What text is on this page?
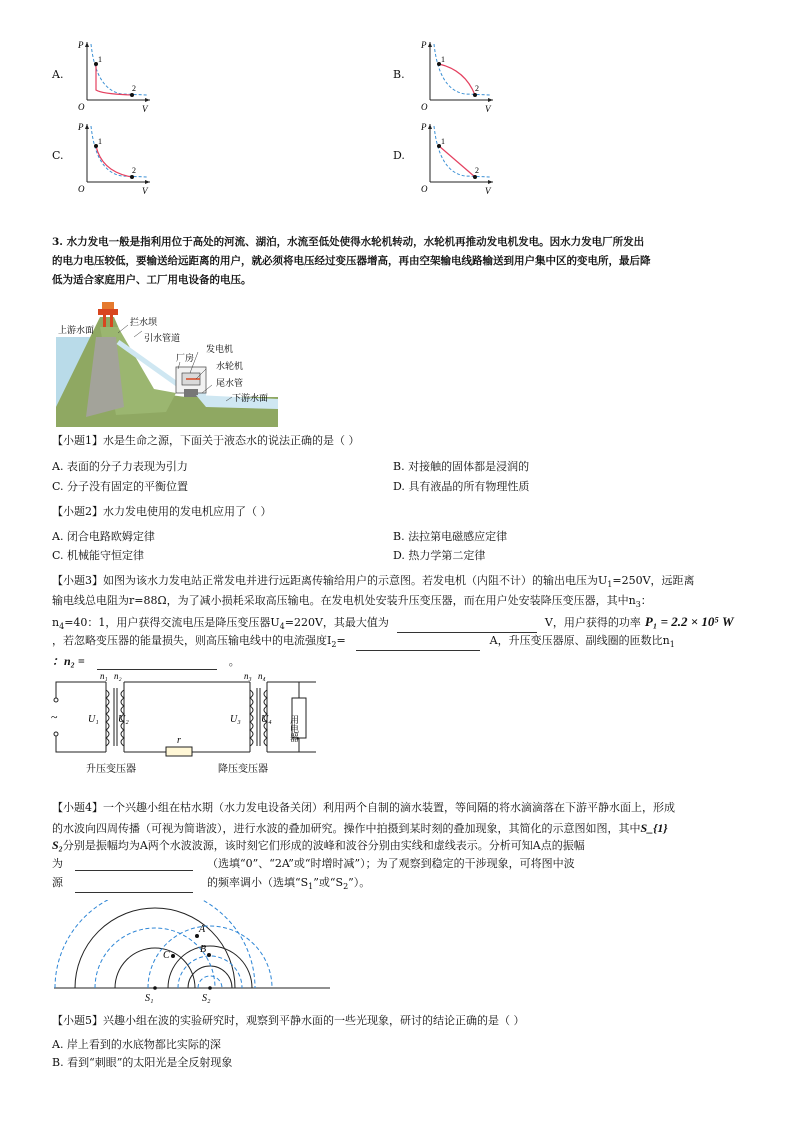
A.	B.
C.	D.
P
O	V
1
2
P
O	V
1
2
P
O	V
1
2
P
O	V
1
2
3. 水力发电一般是指利用位于高处的河流、湖泊，水流至低处使得水轮机转动，水轮机再推动发电机发电。因水力发电厂所发出
的电力电压较低，要输送给远距离的用户，就必须将电压经过变压器增高，再由空架输电线路输送到用户集中区的变电所，最后降
低为适合家庭用户、工厂用电设备的电压。
上游水面
拦水坝
引水管道
发电机
厂房
水轮机
尾水管
下游水面
【小题1】水是生命之源，下面关于液态水的说法正确的是（ ）
A. 表面的分子力表现为引力	B. 对接触的固体都是浸润的
C. 分子没有固定的平衡位置	D. 具有液晶的所有物理性质
【小题2】水力发电使用的发电机应用了（ ）
A. 闭合电路欧姆定律	B. 法拉第电磁感应定律
C. 机械能守恒定律	D. 热力学第二定律
【小题3】如图为该水力发电站正常发电并进行远距离传输给用户的示意图。若发电机（内阻不计）的输出电压为$U_1=250V$，远距离
输电线总电阻为r=88Ω，为了减小损耗采取高压输电。在发电机处安装升压变压器，而在用户处安装降压变压器，其中$n_3$：
$n_4=40$：1，用户获得交流电压是降压变压器$U_4=220V$，其最大值为	V，用户获得的功率 P₁ = 2.2 × 10⁵ W
，若忽略变压器的能量损失，则高压输电线中的电流强度$I_2=$	A，升压变压器原、副线圈的匝数比$n_1$
：n₂ =	。
~
n₁ n₂	n₃ n₄
U₁ U₂	U₃ U₄
r
升压变压器	降压变压器
用电器
【小题4】一个兴趣小组在枯水期（水力发电设备关闭）利用两个自制的滴水装置，等间隔的将水滴滴落在下游平静水面上，形成
的水波向四周传播（可视为简谐波），进行水波的叠加研究。操作中拍摄到某时刻的叠加现象，其简化的示意图如图，其中S_{1}
S₂分别是振幅均为A两个水波波源，该时刻它们形成的波峰和波谷分别由实线和虚线表示。分析可知A点的振幅
为	（选填“0”、“2A”或“时增时减”）；为了观察到稳定的干涉现象，可将图中波
源	的频率调小（选填“$S_1$”或“$S_2$”）。
A
B
C
S₁	S₂
【小题5】兴趣小组在波的实验研究时，观察到平静水面的一些光现象，研讨的结论正确的是（ ）
A. 岸上看到的水底物都比实际的深
B. 看到“刺眼”的太阳光是全反射现象
